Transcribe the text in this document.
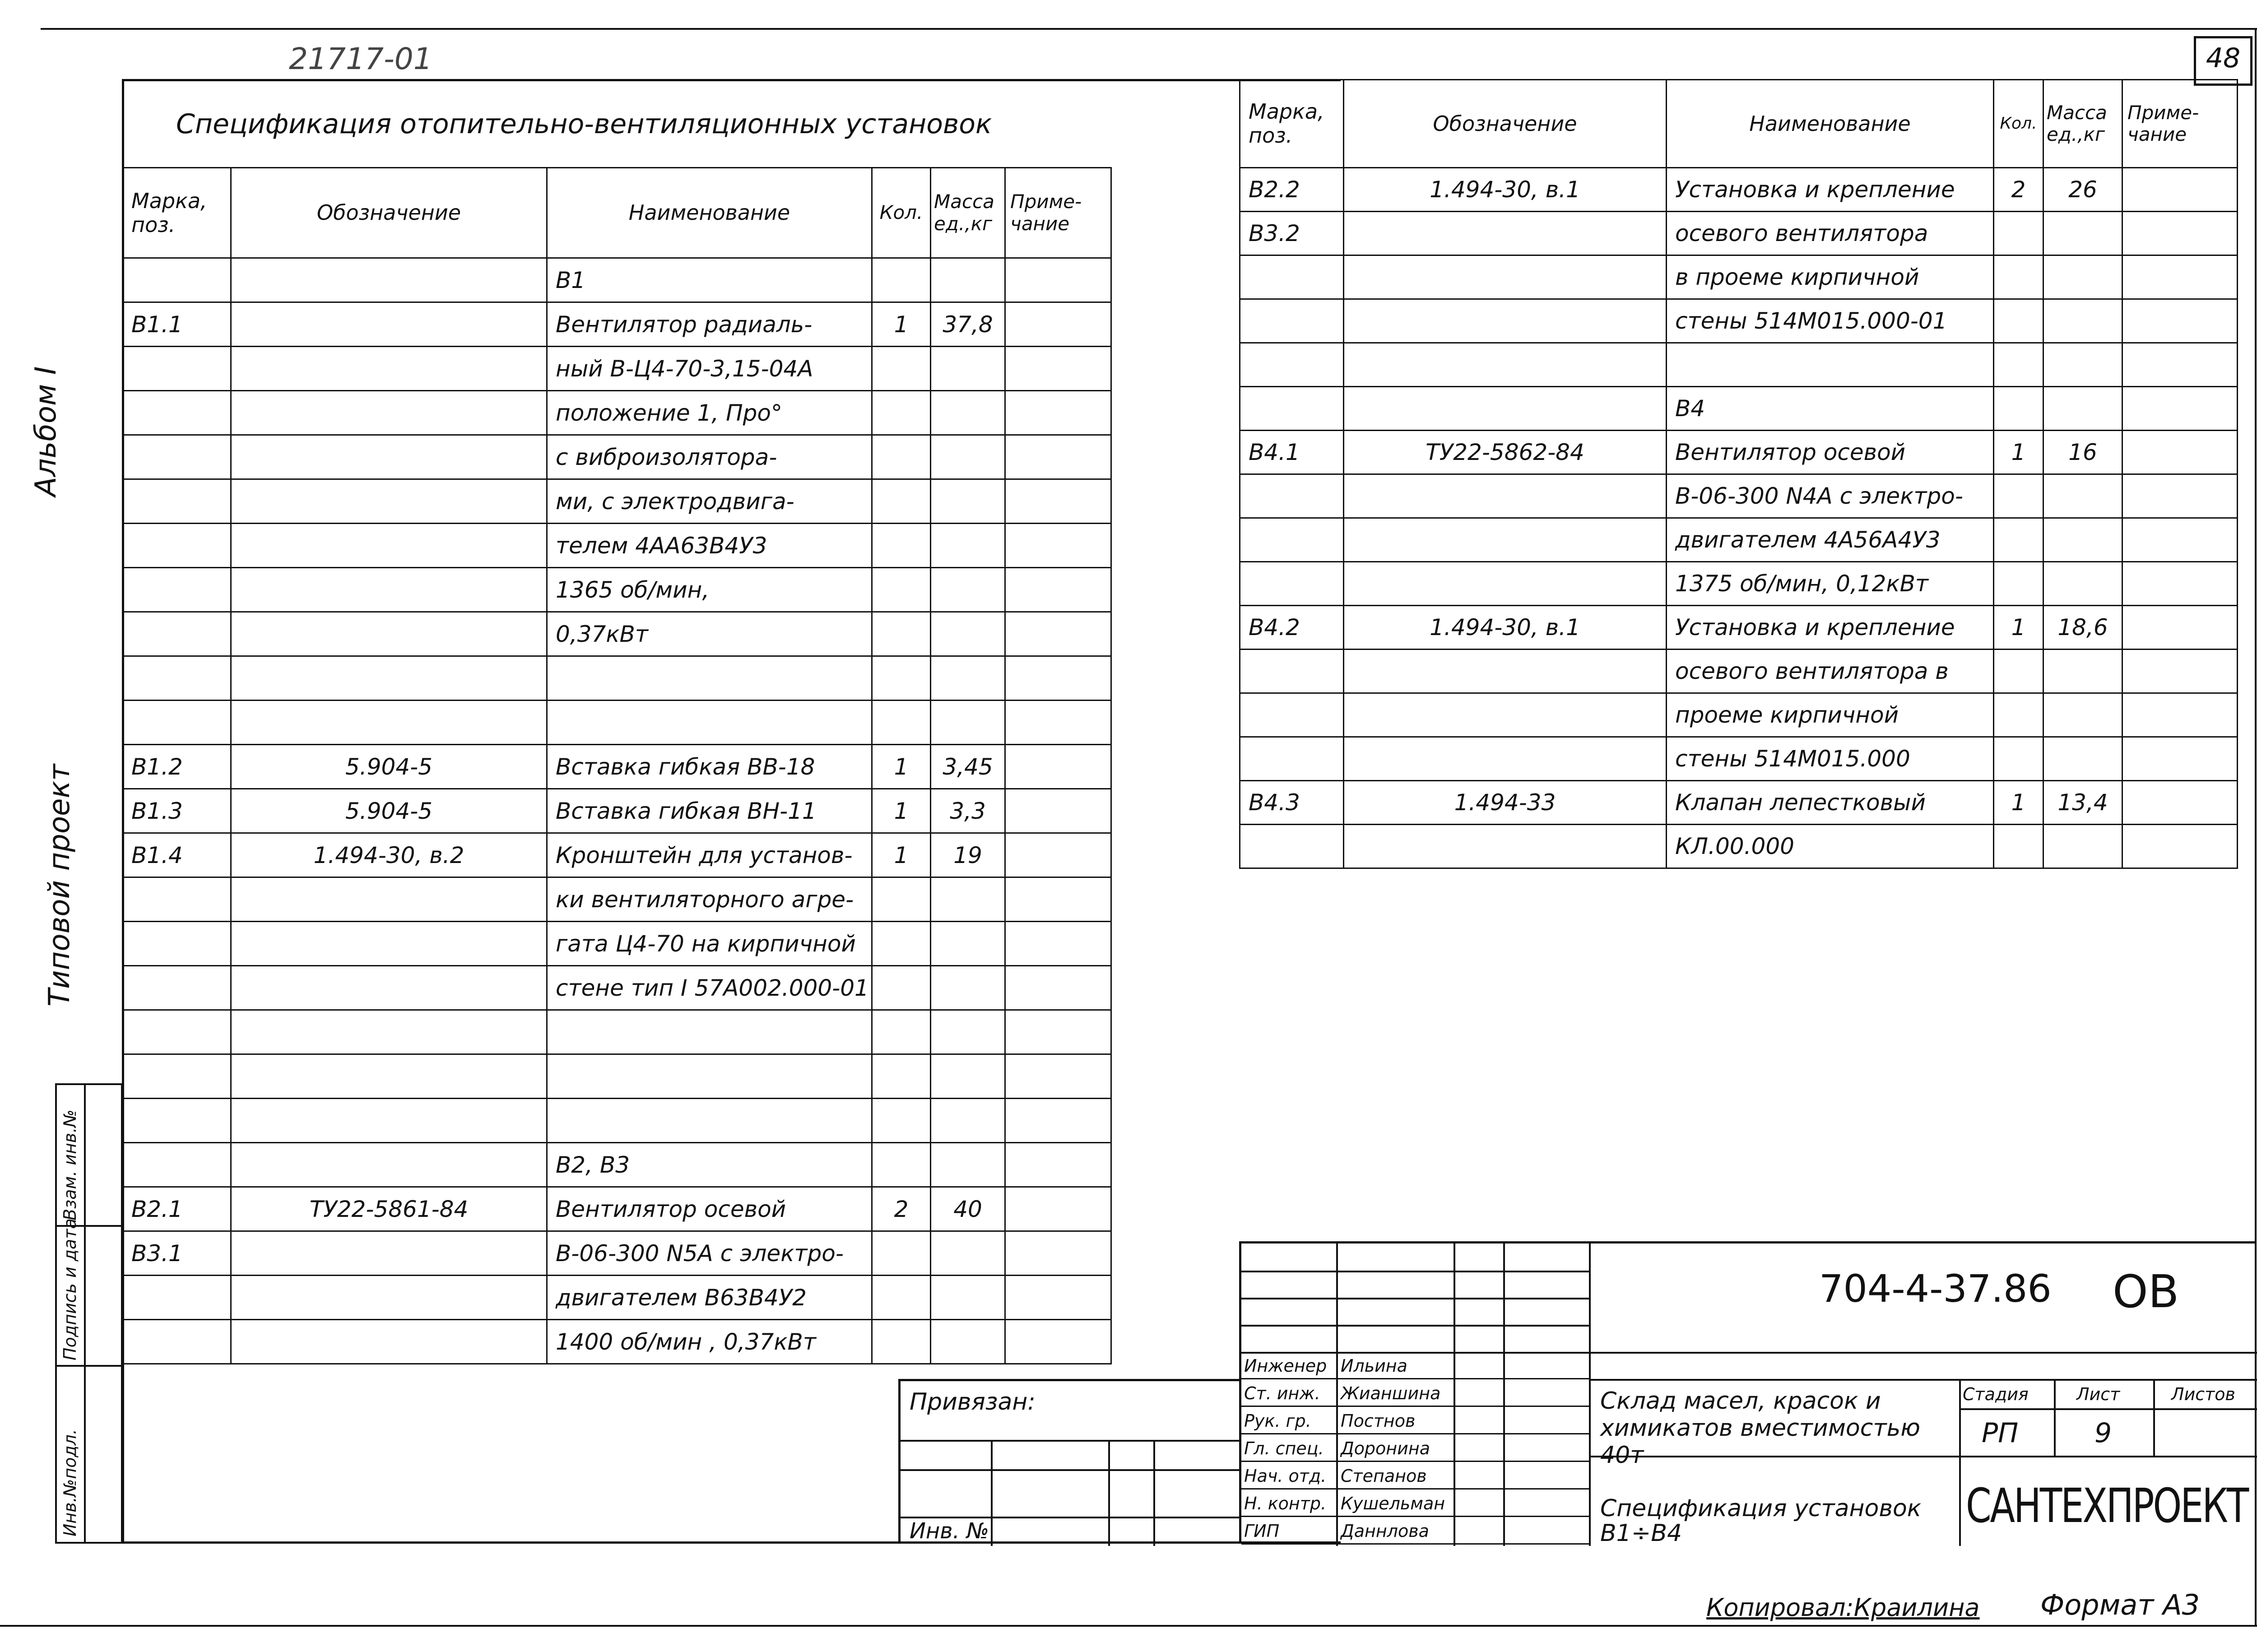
48
21717-01
Альбом I
Типовой проект
Инв.№подл.
Подпись и дата
Взам. инв.№
Спецификация отопительно-вентиляционных установок
Марка, поз.	Обозначение	Наименование	Кол.	Масса ед.,кг	Приме- чание
		В1			
В1.1		Вентилятор радиаль-	1	37,8	
		ный В-Ц4-70-3,15-04А			
		положение 1, Про°			
		с виброизолятора-			
		ми, с электродвига-			
		телем 4АА63В4У3			
		1365 об/мин,			
		0,37кВт			

В1.2	5.904-5	Вставка гибкая ВВ-18	1	3,45	
В1.3	5.904-5	Вставка гибкая ВН-11	1	3,3	
В1.4	1.494-30, в.2	Кронштейн для установ-	1	19	
		ки вентиляторного агре-			
		гата Ц4-70 на кирпичной			
		стене тип I 57А002.000-01			

		В2, В3			
В2.1	ТУ22-5861-84	Вентилятор осевой	2	40	
В3.1		В-06-300 N5А с электро-			
		двигателем В63В4У2			
		1400 об/мин , 0,37кВт			
Марка, поз.	Обозначение	Наименование	Кол.	Масса ед.,кг	Приме- чание
В2.2	1.494-30, в.1	Установка и крепление	2	26	
В3.2		осевого вентилятора			
		в проеме кирпичной			
		стены 514М015.000-01			

		В4			
В4.1	ТУ22-5862-84	Вентилятор осевой	1	16	
		В-06-300 N4А с электро-			
		двигателем 4А56А4У3			
		1375 об/мин, 0,12кВт			
В4.2	1.494-30, в.1	Установка и крепление	1	18,6	
		осевого вентилятора в			
		проеме кирпичной			
		стены 514М015.000			
В4.3	1.494-33	Клапан лепестковый	1	13,4	
		КЛ.00.000			
704-4-37.86 ОВ
Инженер Ильина
Ст. инж. Жианшина
Рук. гр. Постнов
Гл. спец. Доронина
Нач. отд. Степанов
Н. контр. Кушельман
ГИП	Даннлова
Склад масел, красок и химикатов вместимостью 40т
Стадия	Лист	Листов
РП	9
Спецификация установок В1÷В4	САНТЕХПРОЕКТ
Привязан:
Инв. №
Копировал:Краилина Формат А3
